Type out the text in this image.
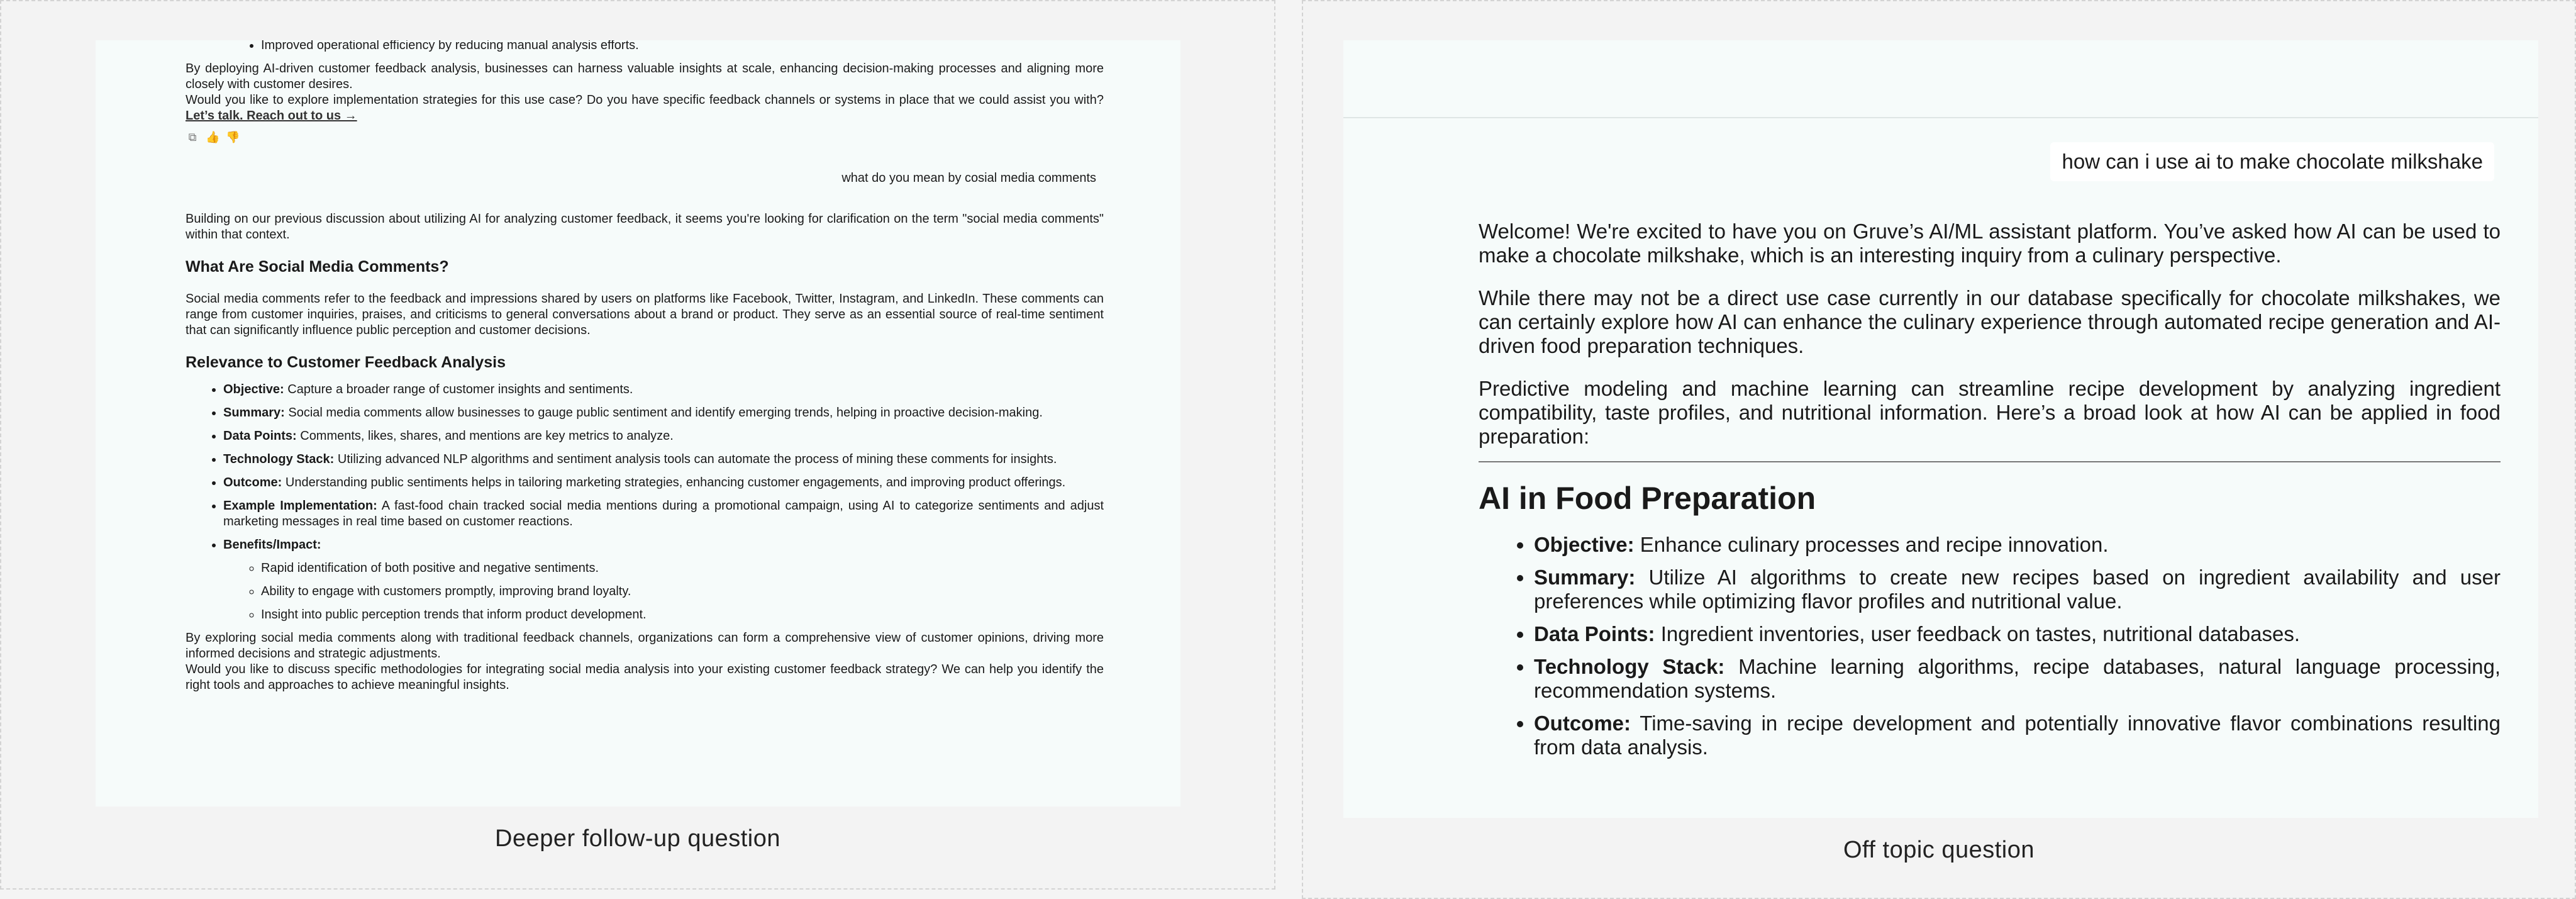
• Improved operational efficiency by reducing manual analysis efforts.

By deploying AI-driven customer feedback analysis, businesses can harness valuable insights at scale, enhancing decision-making processes and aligning more closely with customer desires.

Would you like to explore implementation strategies for this use case? Do you have specific feedback channels or systems in place that we could assist you with? Let’s talk. Reach out to us →

⧉ 👍 👎
what do you mean by cosial media comments

Building on our previous discussion about utilizing AI for analyzing customer feedback, it seems you're looking for clarification on the term "social media comments" within that context.

What Are Social Media Comments?

Social media comments refer to the feedback and impressions shared by users on platforms like Facebook, Twitter, Instagram, and LinkedIn. These comments can range from customer inquiries, praises, and criticisms to general conversations about a brand or product. They serve as an essential source of real-time sentiment that can significantly influence public perception and customer decisions.

Relevance to Customer Feedback Analysis
• Objective: Capture a broader range of customer insights and sentiments.
• Summary: Social media comments allow businesses to gauge public sentiment and identify emerging trends, helping in proactive decision-making.
• Data Points: Comments, likes, shares, and mentions are key metrics to analyze.
• Technology Stack: Utilizing advanced NLP algorithms and sentiment analysis tools can automate the process of mining these comments for insights.
• Outcome: Understanding public sentiments helps in tailoring marketing strategies, enhancing customer engagements, and improving product offerings.
• Example Implementation: A fast-food chain tracked social media mentions during a promotional campaign, using AI to categorize sentiments and adjust marketing messages in real time based on customer reactions.
• Benefits/Impact:
◦ Rapid identification of both positive and negative sentiments.
◦ Ability to engage with customers promptly, improving brand loyalty.
◦ Insight into public perception trends that inform product development.

By exploring social media comments along with traditional feedback channels, organizations can form a comprehensive view of customer opinions, driving more informed decisions and strategic adjustments.

Would you like to discuss specific methodologies for integrating social media analysis into your existing customer feedback strategy? We can help you identify the right tools and approaches to achieve meaningful insights.

Deeper follow-up question
how can i use ai to make chocolate milkshake

Welcome! We're excited to have you on Gruve’s AI/ML assistant platform. You’ve asked how AI can be used to make a chocolate milkshake, which is an interesting inquiry from a culinary perspective.

While there may not be a direct use case currently in our database specifically for chocolate milkshakes, we can certainly explore how AI can enhance the culinary experience through automated recipe generation and AI-driven food preparation techniques.

Predictive modeling and machine learning can streamline recipe development by analyzing ingredient compatibility, taste profiles, and nutritional information. Here’s a broad look at how AI can be applied in food preparation:

AI in Food Preparation
• Objective: Enhance culinary processes and recipe innovation.
• Summary: Utilize AI algorithms to create new recipes based on ingredient availability and user preferences while optimizing flavor profiles and nutritional value.
• Data Points: Ingredient inventories, user feedback on tastes, nutritional databases.
• Technology Stack: Machine learning algorithms, recipe databases, natural language processing, recommendation systems.
• Outcome: Time-saving in recipe development and potentially innovative flavor combinations resulting from data analysis.
Off topic question
